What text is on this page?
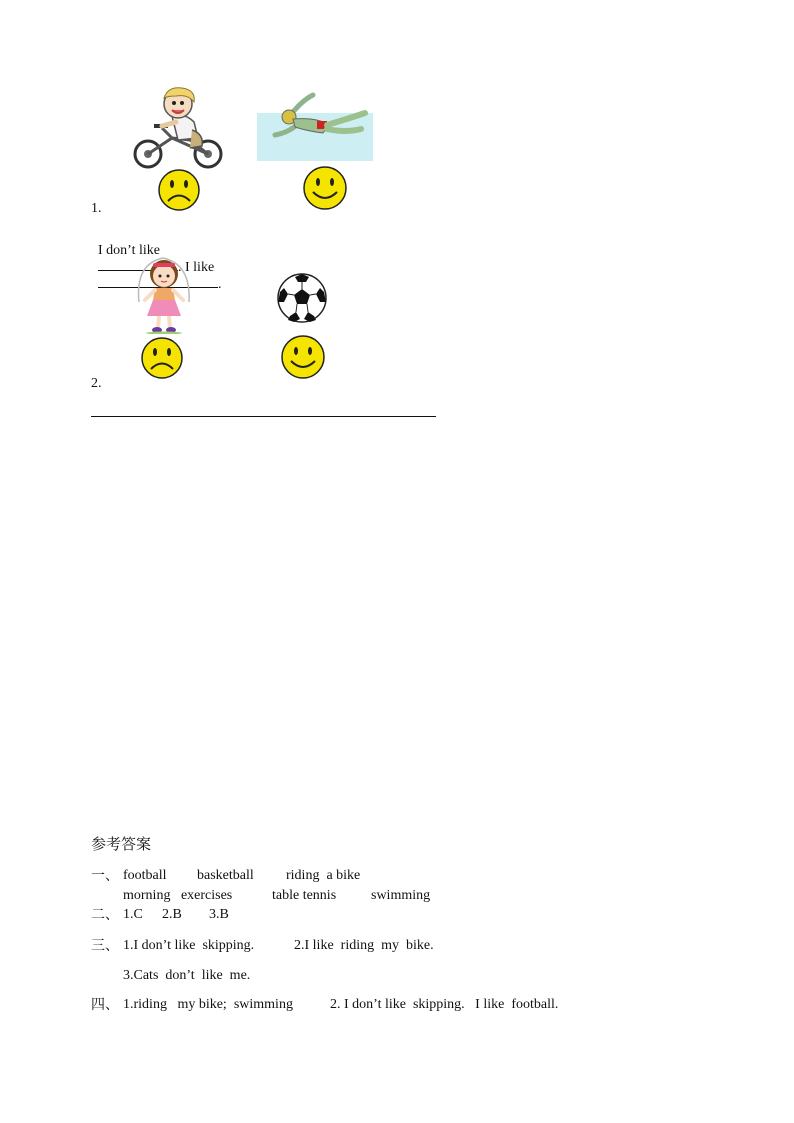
1.

I don’t like
. I like
.

2.
参考答案
一、 football basketball riding  a bike
morning   exercises	table tennis swimming
二、 1.C 2.B 3.B
三、 1.I don’t like  skipping.	2.I like  riding  my  bike.
3.Cats  don’t  like  me.
四、 1.riding   my bike;  swimming	2. I don’t like  skipping.   I like  football.
